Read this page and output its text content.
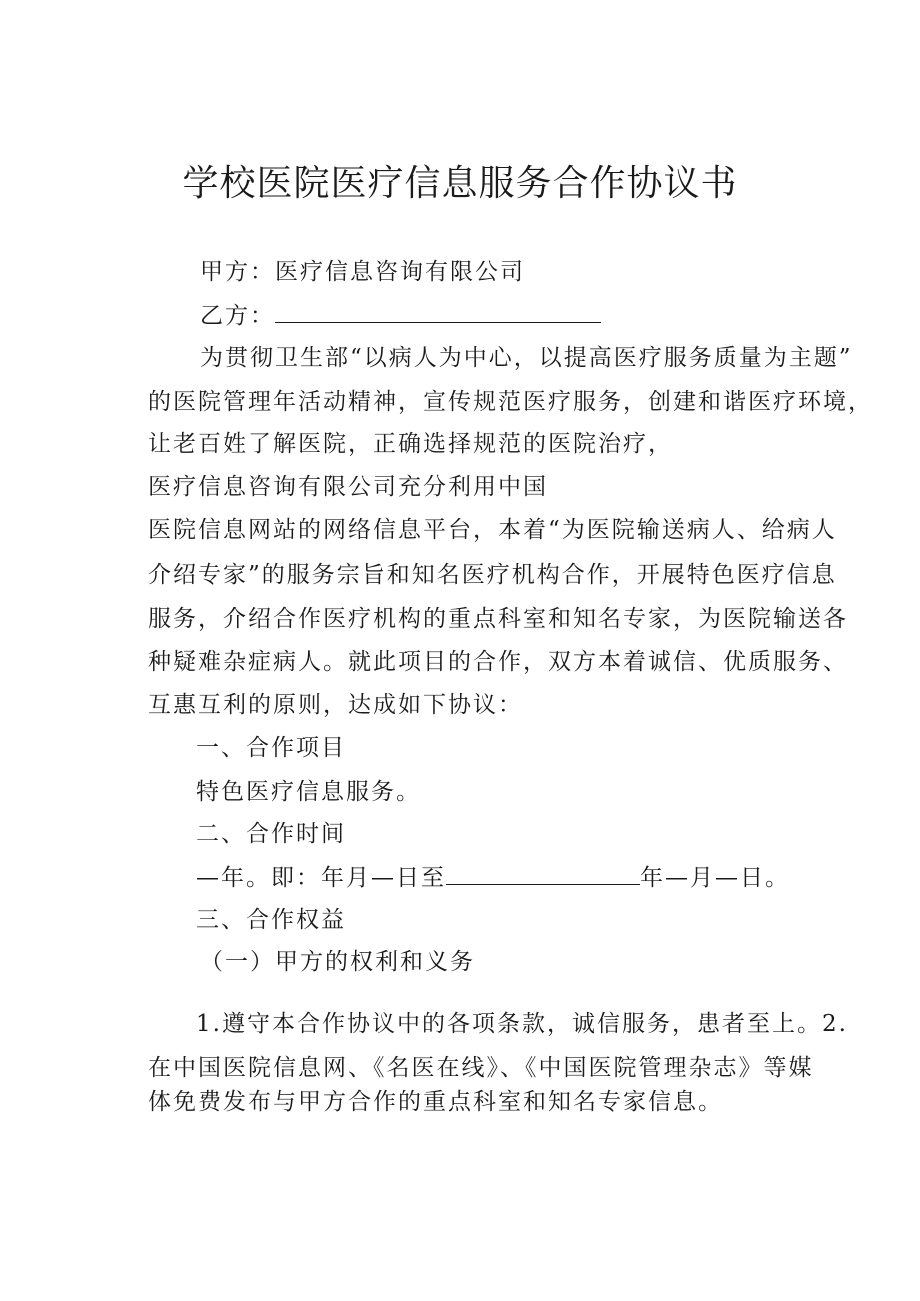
学校医院医疗信息服务合作协议书
甲方：医疗信息咨询有限公司
乙方：
为贯彻卫生部“以病人为中心，以提高医疗服务质量为主题”
的医院管理年活动精神，宣传规范医疗服务，创建和谐医疗环境，
让老百姓了解医院，正确选择规范的医院治疗，
医疗信息咨询有限公司充分利用中国
医院信息网站的网络信息平台，本着“为医院输送病人、给病人
介绍专家”的服务宗旨和知名医疗机构合作，开展特色医疗信息
服务，介绍合作医疗机构的重点科室和知名专家，为医院输送各
种疑难杂症病人。就此项目的合作，双方本着诚信、优质服务、
互惠互利的原则，达成如下协议：
一、合作项目
特色医疗信息服务。
二、合作时间
—年。即：年月—日至	年—月—日。
三、合作权益
（一）甲方的权利和义务
1.遵守本合作协议中的各项条款，诚信服务，患者至上。2.
在中国医院信息网、《名医在线》、《中国医院管理杂志》等媒
体免费发布与甲方合作的重点科室和知名专家信息。
